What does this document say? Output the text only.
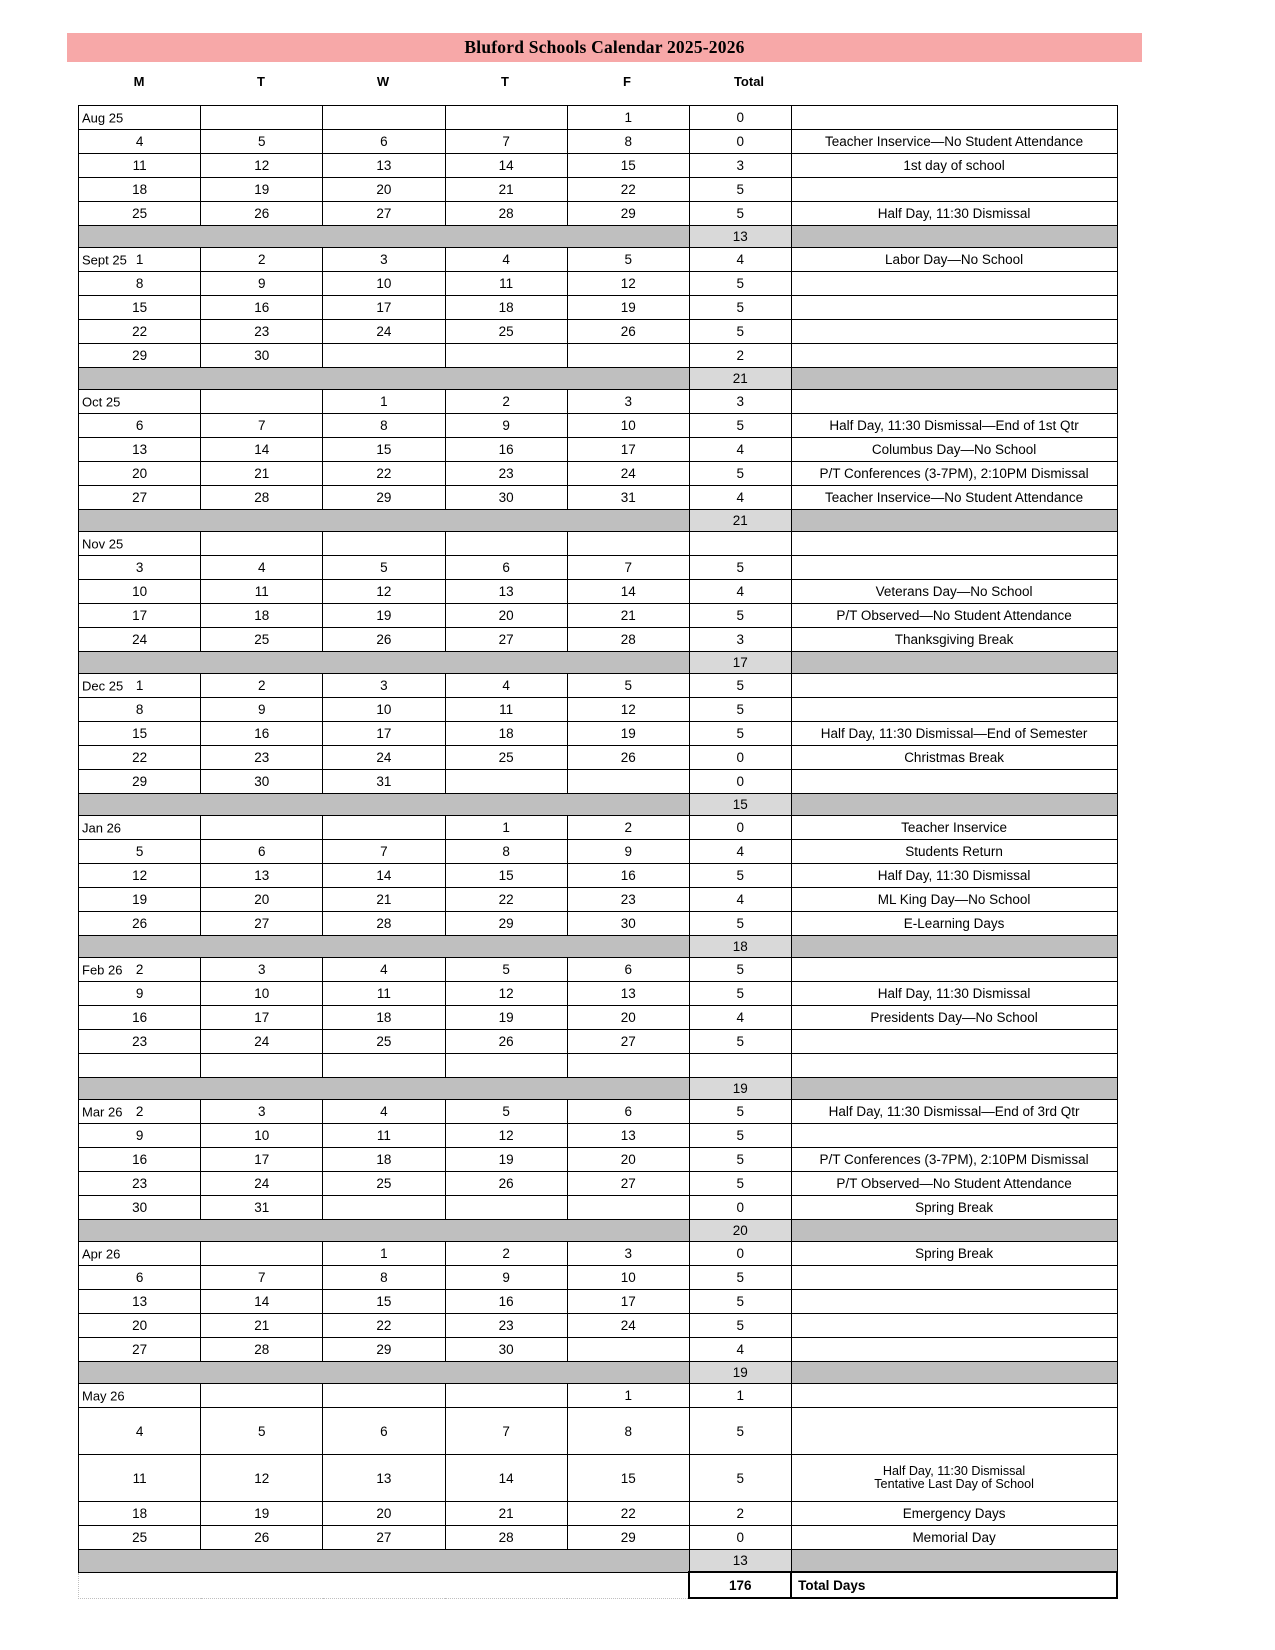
Bluford Schools Calendar 2025-2026
M	T	W	T	F	Total
Aug 25				1	0	
4	5	6	7	8	0	Teacher Inservice—No Student Attendance
11	12	13	14	15	3	1st day of school
18	19	20	21	22	5	
25	26	27	28	29	5	Half Day, 11:30 Dismissal
					13	

Sept 25 1	2	3	4	5	4	Labor Day—No School
8	9	10	11	12	5	
15	16	17	18	19	5	
22	23	24	25	26	5	
29	30				2	
					21	

Oct 25		1	2	3	3	
6	7	8	9	10	5	Half Day, 11:30 Dismissal—End of 1st Qtr
13	14	15	16	17	4	Columbus Day—No School
20	21	22	23	24	5	P/T Conferences (3-7PM), 2:10PM Dismissal
27	28	29	30	31	4	Teacher Inservice—No Student Attendance
					21	

Nov 25						

3	4	5	6	7	5	
10	11	12	13	14	4	Veterans Day—No School
17	18	19	20	21	5	P/T Observed—No Student Attendance
24	25	26	27	28	3	Thanksgiving Break
					17	

Dec 25 1	2	3	4	5	5	
8	9	10	11	12	5	
15	16	17	18	19	5	Half Day, 11:30 Dismissal—End of Semester
22	23	24	25	26	0	Christmas Break
29	30	31			0	
					15	

Jan 26			1	2	0	Teacher Inservice
5	6	7	8	9	4	Students Return
12	13	14	15	16	5	Half Day, 11:30 Dismissal
19	20	21	22	23	4	ML King Day—No School
26	27	28	29	30	5	E-Learning Days
					18	

Feb 26 2	3	4	5	6	5	
9	10	11	12	13	5	Half Day, 11:30 Dismissal
16	17	18	19	20	4	Presidents Day—No School
23	24	25	26	27	5	

					19	

Mar 26 2	3	4	5	6	5	Half Day, 11:30 Dismissal—End of 3rd Qtr
9	10	11	12	13	5	
16	17	18	19	20	5	P/T Conferences (3-7PM), 2:10PM Dismissal
23	24	25	26	27	5	P/T Observed—No Student Attendance
30	31				0	Spring Break
					20	

Apr 26		1	2	3	0	Spring Break
6	7	8	9	10	5	
13	14	15	16	17	5	
20	21	22	23	24	5	
27	28	29	30		4	
					19	

May 26				1	1	
4	5	6	7	8	5	
11	12	13	14	15	5	Half Day, 11:30 Dismissal
Tentative Last Day of School

18	19	20	21	22	2	Emergency Days
25	26	27	28	29	0	Memorial Day
					13	
					176	Total Days
